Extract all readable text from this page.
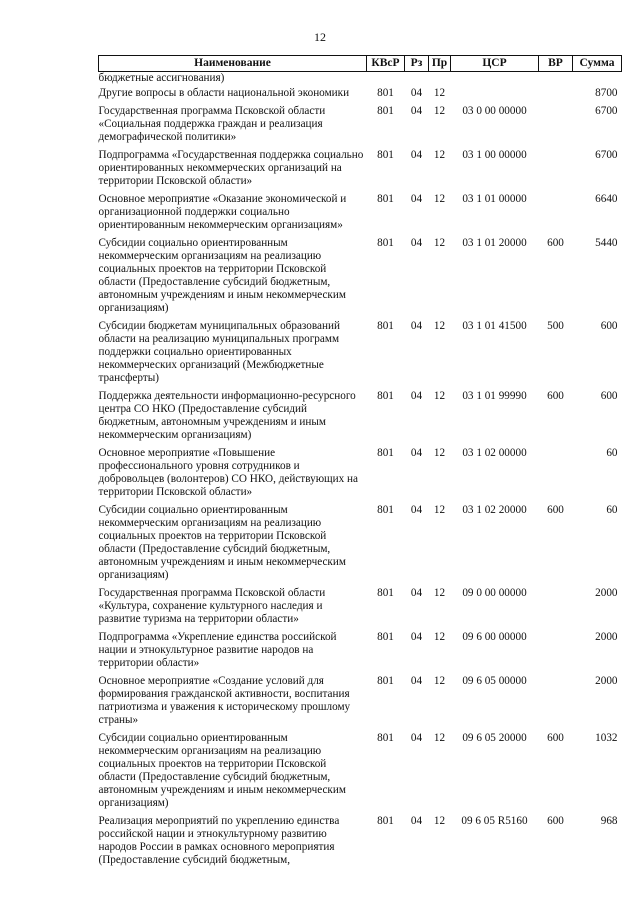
12
Наименование	КВсР	Рз	Пр	ЦСР	ВР	Сумма
бюджетные ассигнования)						
Другие вопросы в области национальной экономики	801	04	12			8700
Государственная программа Псковской области «Социальная поддержка граждан и реализация демографической политики»	801	04	12	03 0 00 00000		6700
Подпрограмма «Государственная поддержка социально ориентированных некоммерческих организаций на территории Псковской области»	801	04	12	03 1 00 00000		6700
Основное мероприятие «Оказание экономической и организационной поддержки социально ориентированным некоммерческим организациям»	801	04	12	03 1 01 00000		6640
Субсидии социально ориентированным некоммерческим организациям на реализацию социальных проектов на территории Псковской области (Предоставление субсидий бюджетным, автономным учреждениям и иным некоммерческим организациям)	801	04	12	03 1 01 20000	600	5440
Субсидии бюджетам муниципальных образований области на реализацию муниципальных программ поддержки социально ориентированных некоммерческих организаций (Межбюджетные трансферты)	801	04	12	03 1 01 41500	500	600
Поддержка деятельности информационно-ресурсного центра СО НКО (Предоставление субсидий бюджетным, автономным учреждениям и иным некоммерческим организациям)	801	04	12	03 1 01 99990	600	600
Основное мероприятие «Повышение профессионального уровня сотрудников и добровольцев (волонтеров) СО НКО, действующих на территории Псковской области»	801	04	12	03 1 02 00000		60
Субсидии социально ориентированным некоммерческим организациям на реализацию социальных проектов на территории Псковской области (Предоставление субсидий бюджетным, автономным учреждениям и иным некоммерческим организациям)	801	04	12	03 1 02 20000	600	60
Государственная программа Псковской области «Культура, сохранение культурного наследия и развитие туризма на территории области»	801	04	12	09 0 00 00000		2000
Подпрограмма «Укрепление единства российской нации и этнокультурное развитие народов на территории области»	801	04	12	09 6 00 00000		2000
Основное мероприятие «Создание условий для формирования гражданской активности, воспитания патриотизма и уважения к историческому прошлому страны»	801	04	12	09 6 05 00000		2000
Субсидии социально ориентированным некоммерческим организациям на реализацию социальных проектов на территории Псковской области (Предоставление субсидий бюджетным, автономным учреждениям и иным некоммерческим организациям)	801	04	12	09 6 05 20000	600	1032
Реализация мероприятий по укреплению единства российской нации и этнокультурному развитию народов России в рамках основного мероприятия (Предоставление субсидий бюджетным,	801	04	12	09 6 05 R5160	600	968
